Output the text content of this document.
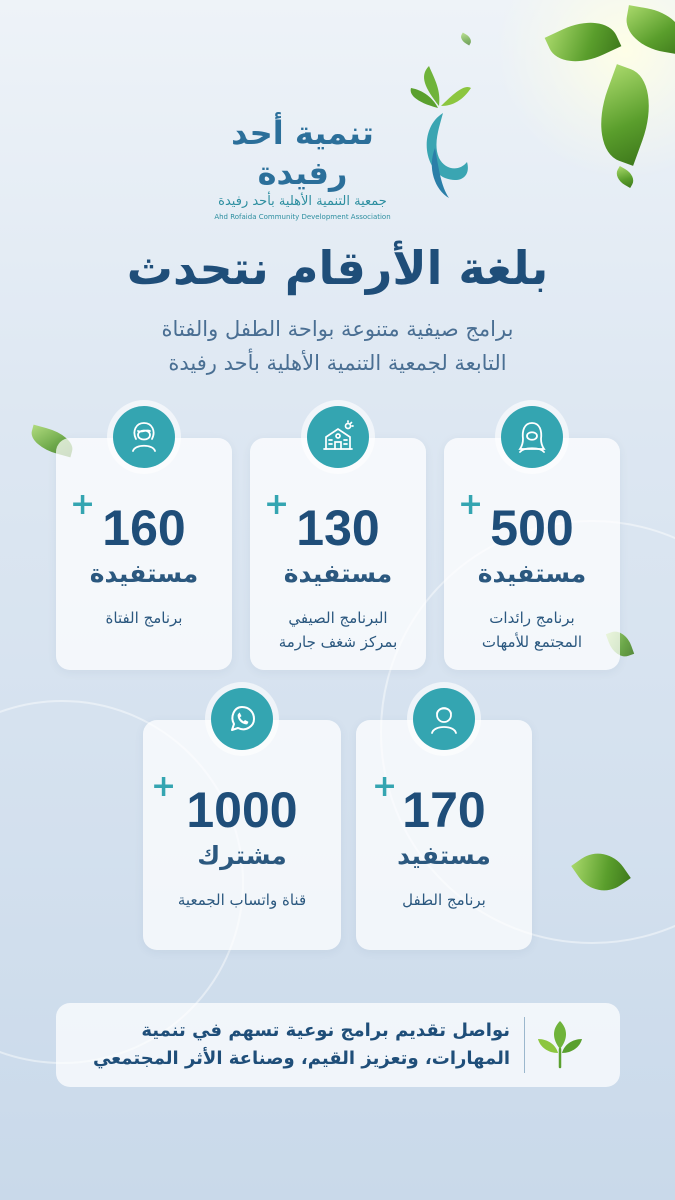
تنمية أحد رفيدة
جمعية التنمية الأهلية بأحد رفيدة
Ahd Rofaida Community Development Association
بلغة الأرقام نتحدث
برامج صيفية متنوعة بواحة الطفل والفتاة
التابعة لجمعية التنمية الأهلية بأحد رفيدة
+ 500
مستفيدة
برنامج رائدات
المجتمع للأمهات
+ 130
مستفيدة
البرنامج الصيفي
بمركز شغف جارمة
+ 160
مستفيدة
برنامج الفتاة
+ 170
مستفيد
برنامج الطفل
+ 1000
مشترك
قناة واتساب الجمعية
نواصل تقديم برامج نوعية تسهم في تنمية
المهارات، وتعزيز القيم، وصناعة الأثر المجتمعي
